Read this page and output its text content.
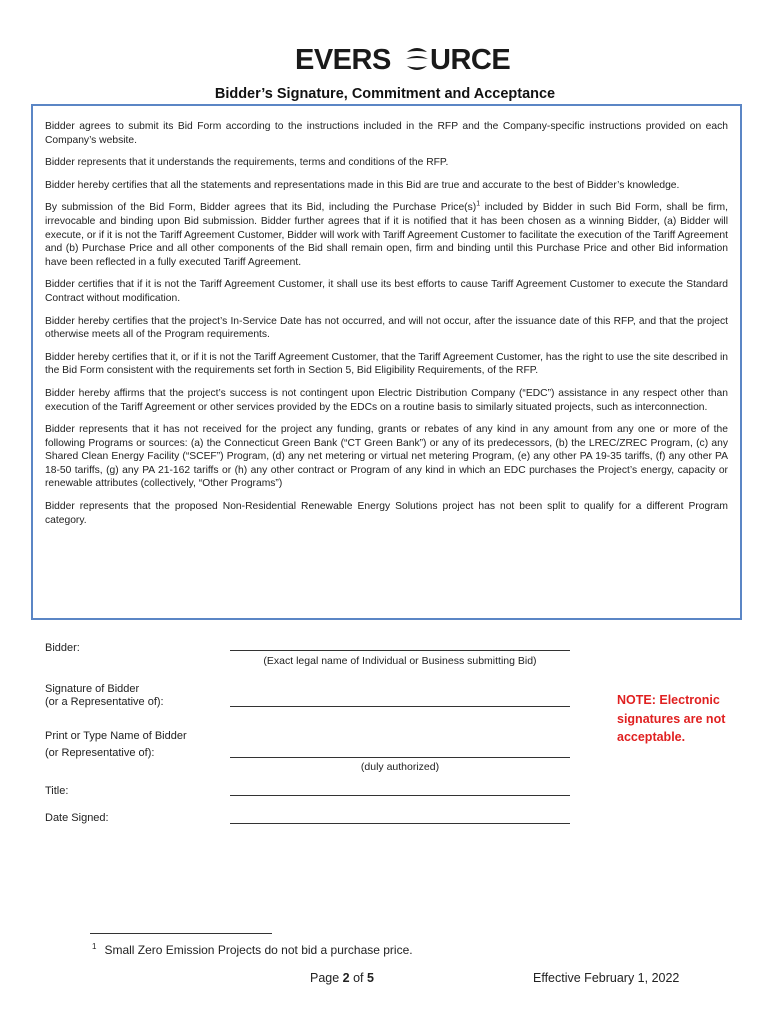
EVERS URCE
Bidder’s Signature, Commitment and Acceptance

Bidder agrees to submit its Bid Form according to the instructions included in the RFP and the Company-specific instructions provided on each Company’s website.

Bidder represents that it understands the requirements, terms and conditions of the RFP.

Bidder hereby certifies that all the statements and representations made in this Bid are true and accurate to the best of Bidder’s knowledge.

By submission of the Bid Form, Bidder agrees that its Bid, including the Purchase $Price(s)^1$ included by Bidder in such Bid Form, shall be firm, irrevocable and binding upon Bid submission. Bidder further agrees that if it is notified that it has been chosen as a winning Bidder, (a) Bidder will execute, or if it is not the Tariff Agreement Customer, Bidder will work with Tariff Agreement Customer to facilitate the execution of the Tariff Agreement and (b) Purchase Price and all other components of the Bid shall remain open, firm and binding until this Purchase Price and other Bid information have been reflected in a fully executed Tariff Agreement.

Bidder certifies that if it is not the Tariff Agreement Customer, it shall use its best efforts to cause Tariff Agreement Customer to execute the Standard Contract without modification.

Bidder hereby certifies that the project’s In-Service Date has not occurred, and will not occur, after the issuance date of this RFP, and that the project otherwise meets all of the Program requirements.

Bidder hereby certifies that it, or if it is not the Tariff Agreement Customer, that the Tariff Agreement Customer, has the right to use the site described in the Bid Form consistent with the requirements set forth in Section 5, Bid Eligibility Requirements, of the RFP.

Bidder hereby affirms that the project’s success is not contingent upon Electric Distribution Company (“EDC”) assistance in any respect other than execution of the Tariff Agreement or other services provided by the EDCs on a routine basis to similarly situated projects, such as interconnection.

Bidder represents that it has not received for the project any funding, grants or rebates of any kind in any amount from any one or more of the following Programs or sources: (a) the Connecticut Green Bank (“CT Green Bank”) or any of its predecessors, (b) the LREC/ZREC Program, (c) any Shared Clean Energy Facility (“SCEF”) Program, (d) any net metering or virtual net metering Program, (e) any other PA 19-35 tariffs, (f) any other PA 18-50 tariffs, (g) any PA 21-162 tariffs or (h) any other contract or Program of any kind in which an EDC purchases the Project’s energy, capacity or renewable attributes (collectively, “Other Programs”)

Bidder represents that the proposed Non-Residential Renewable Energy Solutions project has not been split to qualify for a different Program category.

Bidder:
(Exact legal name of Individual or Business submitting Bid)
Signature of Bidder
(or a Representative of):
Print or Type Name of Bidder
(or Representative of):
(duly authorized)
Title:
Date Signed:
NOTE: Electronic signatures are not acceptable.
$^1$ Small Zero Emission Projects do not bid a purchase price.
Page 2 of 5	Effective February 1, 2022
